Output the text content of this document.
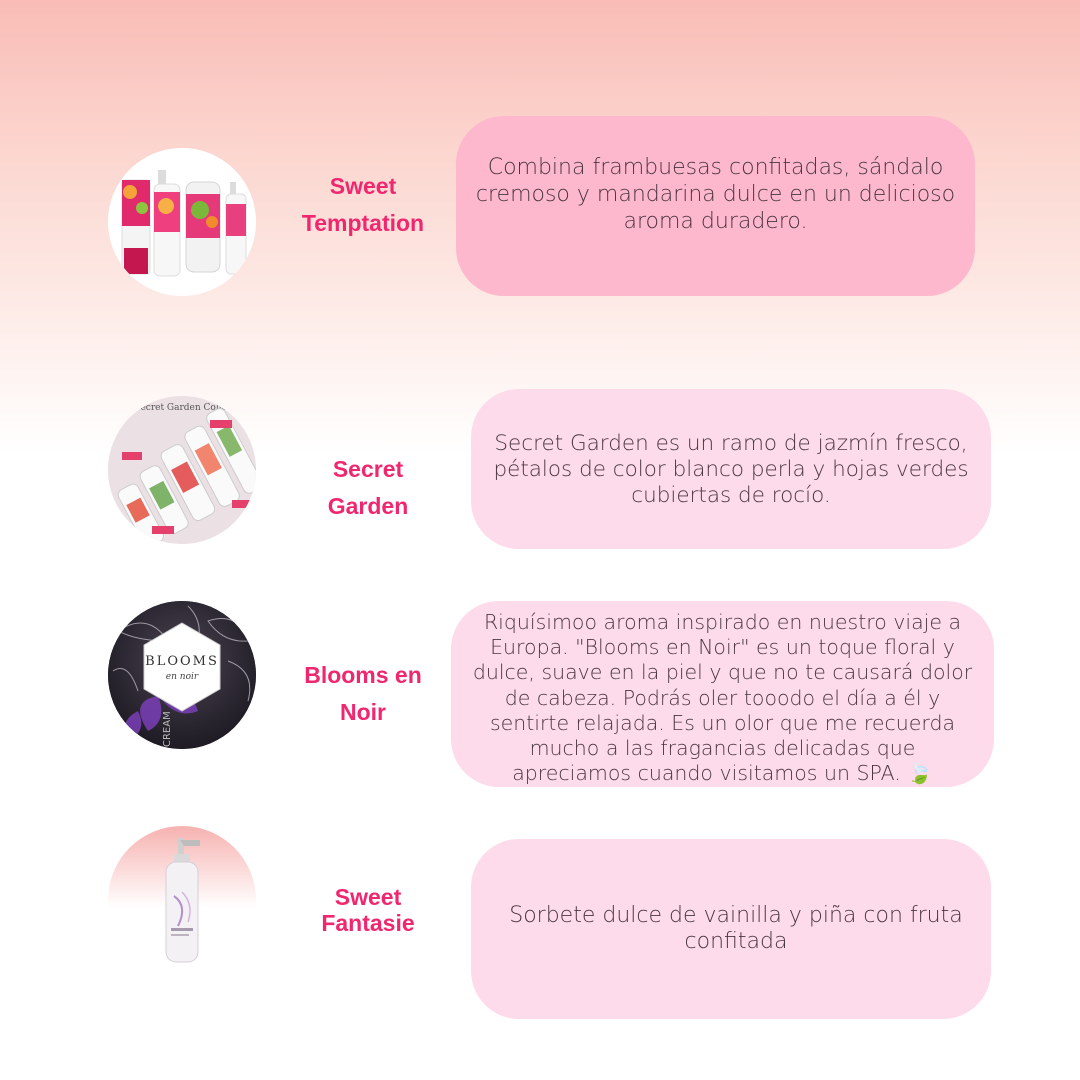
Sweet
Temptation

Combina frambuesas confitadas, sándalo cremoso y mandarina dulce en un delicioso aroma duradero.

The Secret Garden Collection
Secret
Garden

Secret Garden es un ramo de jazmín fresco, pétalos de color blanco perla y hojas verdes cubiertas de rocío.

BLOOMS
en noir
CREAM
Blooms en
Noir

Riquísimoo aroma inspirado en nuestro viaje a Europa. "Blooms en Noir" es un toque floral y dulce, suave en la piel y que no te causará dolor de cabeza. Podrás oler tooodo el día a él y sentirte relajada. Es un olor que me recuerda mucho a las fragancias delicadas que apreciamos cuando visitamos un SPA. 🍃

Sweet
Fantasie	Sorbete dulce de vainilla y piña con fruta confitada
